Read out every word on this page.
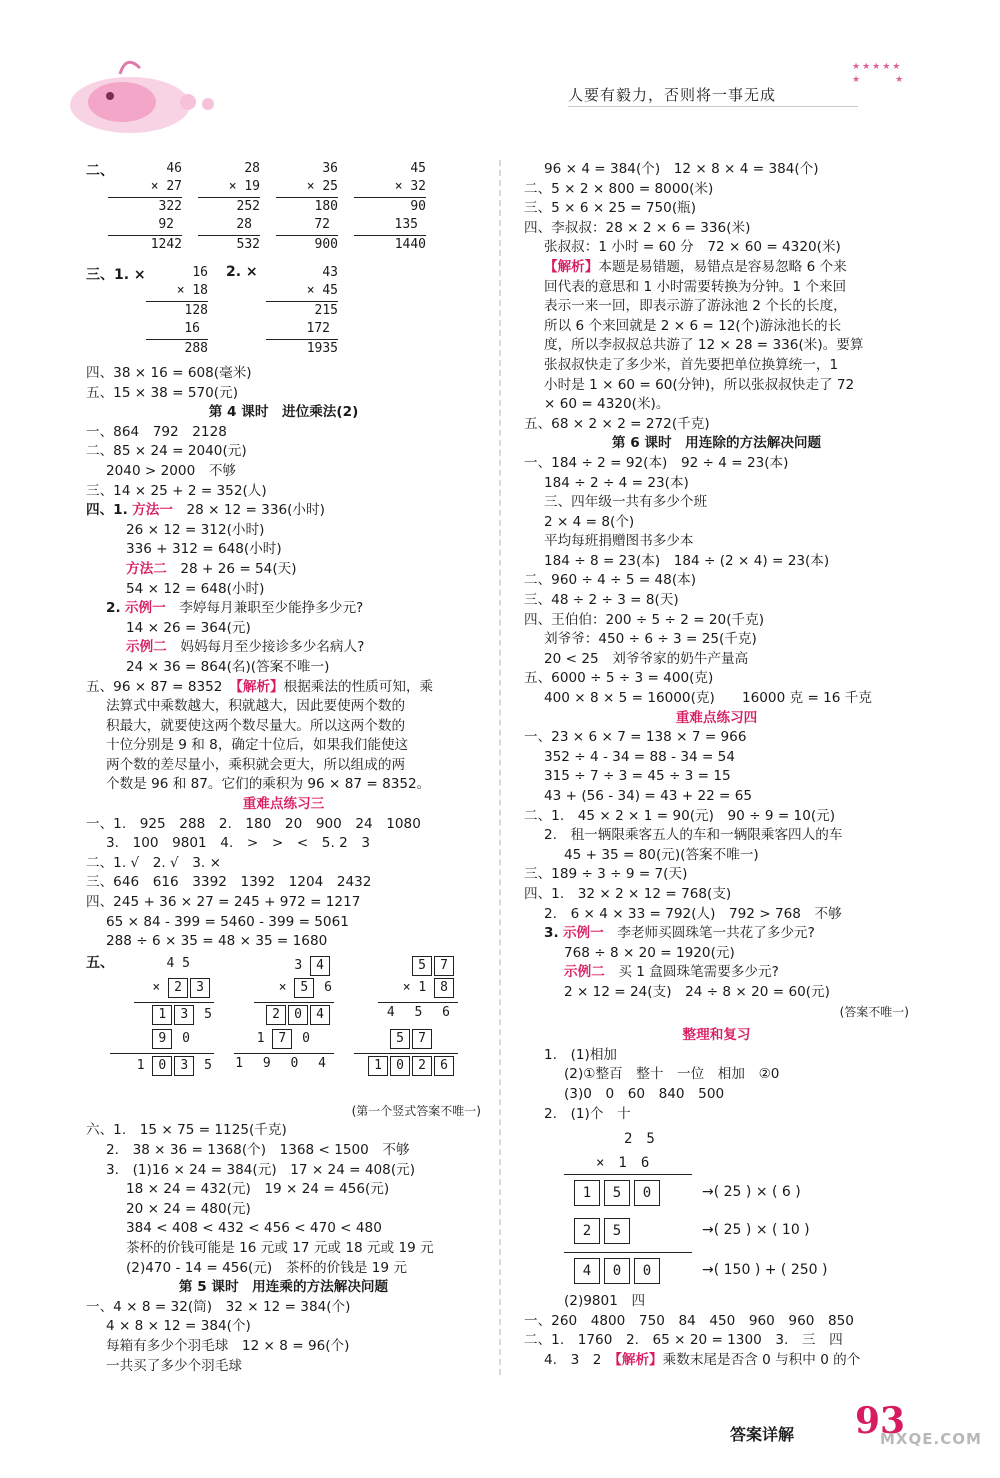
★★★★★
★　　　★
人要有毅力，否则将一事无成
二、	46
× 27
322
92
1242
28
× 19
252
28
532
36
× 25
180
72
900
45
× 32
90
135
1440
三、1. ×	16
× 18
128
16
288
2. ×	43
× 45
215
172
1935
四、38 × 16 = 608(毫米)
五、15 × 38 = 570(元)
第 4 课时　进位乘法(2)
一、864　792　2128
二、85 × 24 = 2040(元)
2040 > 2000　不够
三、14 × 25 + 2 = 352(人)
四、1. 方法一　 28 × 12 = 336(小时)
26 × 12 = 312(小时)
336 + 312 = 648(小时)
方法二　 28 + 26 = 54(天)
54 × 12 = 648(小时)
2. 示例一　 李婷每月兼职至少能挣多少元?
14 × 26 = 364(元)
示例二　 妈妈每月至少接诊多少名病人?
24 × 36 = 864(名)(答案不唯一)
五、96 × 87 = 8352　 【解析】根据乘法的性质可知，乘
法算式中乘数越大，积就越大，因此要使两个数的
积最大，就要使这两个数尽量大。所以这两个数的
十位分别是 9 和 8，确定十位后，如果我们能使这
两个数的差尽量小，乘积就会更大，所以组成的两
个数是 96 和 87。它们的乘积为 96 × 87 = 8352。
重难点练习三
一、1.　925　288　2.　180　20　900　24　1080
3.　100　9801　4.　>　>　<　5. 2　3
二、1. √　2. √　3. ×
三、646　616　3392　1392　1204　2432
四、245 + 36 × 27 = 245 + 972 = 1217
65 × 84 - 399 = 5460 - 399 = 5061
288 ÷ 6 × 35 = 48 × 35 = 1680
五、	4 5
× 2 3
1 3 5
9 0
1 0 3 5
3 4
× 5 6
2 0 4
1 7 0
1 9 0 4
5 7
× 1 8
4 5 6
5 7
1 0 2 6
(第一个竖式答案不唯一)
六、1.　15 × 75 = 1125(千克)
2.　38 × 36 = 1368(个)　1368 < 1500　不够
3.　(1)16 × 24 = 384(元)　17 × 24 = 408(元)
18 × 24 = 432(元)　19 × 24 = 456(元)
20 × 24 = 480(元)
384 < 408 < 432 < 456 < 470 < 480
茶杯的价钱可能是 16 元或 17 元或 18 元或 19 元
(2)470 - 14 = 456(元)　茶杯的价钱是 19 元
第 5 课时　用连乘的方法解决问题
一、4 × 8 = 32(筒)　32 × 12 = 384(个)
4 × 8 × 12 = 384(个)
每箱有多少个羽毛球　12 × 8 = 96(个)
一共买了多少个羽毛球
96 × 4 = 384(个)　12 × 8 × 4 = 384(个)
二、5 × 2 × 800 = 8000(米)
三、5 × 6 × 25 = 750(瓶)
四、李叔叔：28 × 2 × 6 = 336(米)
张叔叔：1 小时 = 60 分　72 × 60 = 4320(米)
【解析】本题是易错题，易错点是容易忽略 6 个来
回代表的意思和 1 小时需要转换为分钟。1 个来回
表示一来一回，即表示游了游泳池 2 个长的长度，
所以 6 个来回就是 2 × 6 = 12(个)游泳池长的长
度，所以李叔叔总共游了 12 × 28 = 336(米)。要算
张叔叔快走了多少米，首先要把单位换算统一，1
小时是 1 × 60 = 60(分钟)，所以张叔叔快走了 72
× 60 = 4320(米)。
五、68 × 2 × 2 = 272(千克)
第 6 课时　用连除的方法解决问题
一、184 ÷ 2 = 92(本)　92 ÷ 4 = 23(本)
184 ÷ 2 ÷ 4 = 23(本)
三、四年级一共有多少个班
2 × 4 = 8(个)
平均每班捐赠图书多少本
184 ÷ 8 = 23(本)　184 ÷ (2 × 4) = 23(本)
二、960 ÷ 4 ÷ 5 = 48(本)
三、48 ÷ 2 ÷ 3 = 8(天)
四、王伯伯：200 ÷ 5 ÷ 2 = 20(千克)
刘爷爷：450 ÷ 6 ÷ 3 = 25(千克)
20 < 25　刘爷爷家的奶牛产量高
五、6000 ÷ 5 ÷ 3 = 400(克)
400 × 8 × 5 = 16000(克)　　16000 克 = 16 千克
重难点练习四
一、23 × 6 × 7 = 138 × 7 = 966
352 ÷ 4 - 34 = 88 - 34 = 54
315 ÷ 7 ÷ 3 = 45 ÷ 3 = 15
43 + (56 - 34) = 43 + 22 = 65
二、1.　45 × 2 × 1 = 90(元)　90 ÷ 9 = 10(元)
2.　租一辆限乘客五人的车和一辆限乘客四人的车
45 + 35 = 80(元)(答案不唯一)
三、189 ÷ 3 ÷ 9 = 7(天)
四、1.　32 × 2 × 12 = 768(支)
2.　6 × 4 × 33 = 792(人)　792 > 768　不够
3. 示例一　 李老师买圆珠笔一共花了多少元?
768 ÷ 8 × 20 = 1920(元)
示例二　 买 1 盒圆珠笔需要多少元?
2 × 12 = 24(支)　24 ÷ 8 × 20 = 60(元)
(答案不唯一)
整理和复习
1.　(1)相加
(2)①整百　整十　一位　相加　②0
(3)0　0　60　840　500
2.　(1)个　十
2　5
×　1　6
1 5 0	→( 25 ) × ( 6 )
2 5	→( 25 ) × ( 10 )
4 0 0	→( 150 ) + ( 250 )
(2)9801　四
一、260　4800　750　84　450　960　960　850
二、1.　1760　2.　65 × 20 = 1300　3.　三　四
4.　3　2　 【解析】乘数末尾是否含 0 与积中 0 的个
答案详解 93
MXQE.COM
